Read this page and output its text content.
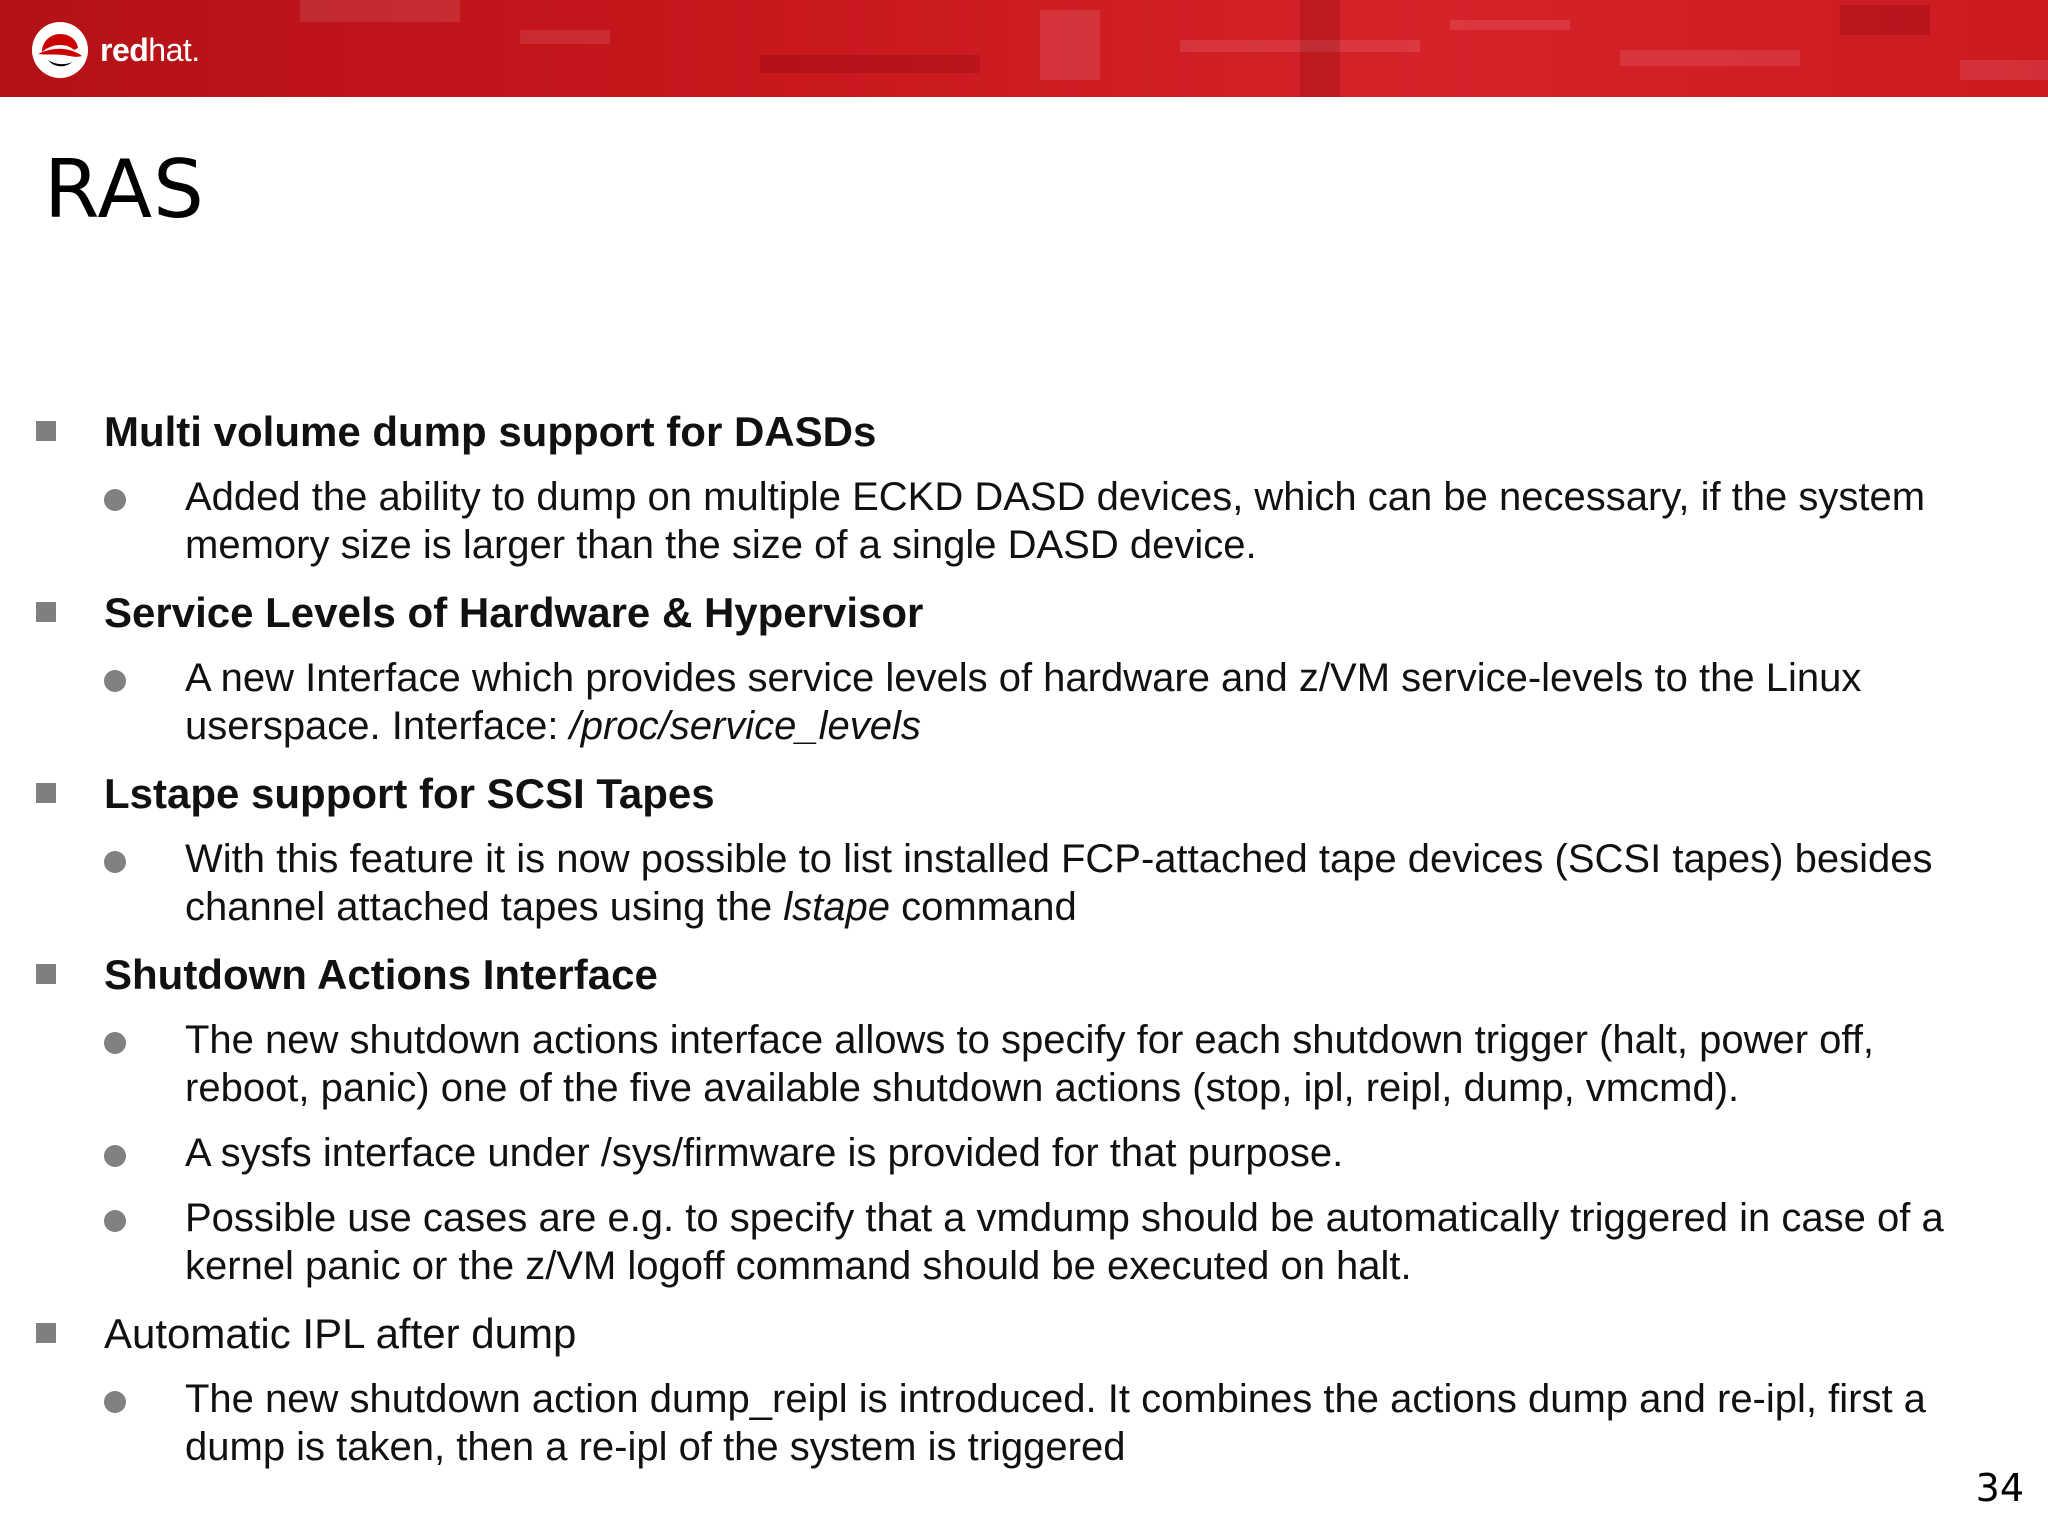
redhat.
RAS
Multi volume dump support for DASDs
Added the ability to dump on multiple ECKD DASD devices, which can be necessary, if the system memory size is larger than the size of a single DASD device.
Service Levels of Hardware & Hypervisor
A new Interface which provides service levels of hardware and z/VM service-levels to the Linux userspace. Interface: /proc/service_levels
Lstape support for SCSI Tapes
With this feature it is now possible to list installed FCP-attached tape devices (SCSI tapes) besides channel attached tapes using the lstape command
Shutdown Actions Interface
The new shutdown actions interface allows to specify for each shutdown trigger (halt, power off, reboot, panic) one of the five available shutdown actions (stop, ipl, reipl, dump, vmcmd).
A sysfs interface under /sys/firmware is provided for that purpose.
Possible use cases are e.g. to specify that a vmdump should be automatically triggered in case of a kernel panic or the z/VM logoff command should be executed on halt.
Automatic IPL after dump
The new shutdown action dump_reipl is introduced. It combines the actions dump and re-ipl, first a dump is taken, then a re-ipl of the system is triggered
34
